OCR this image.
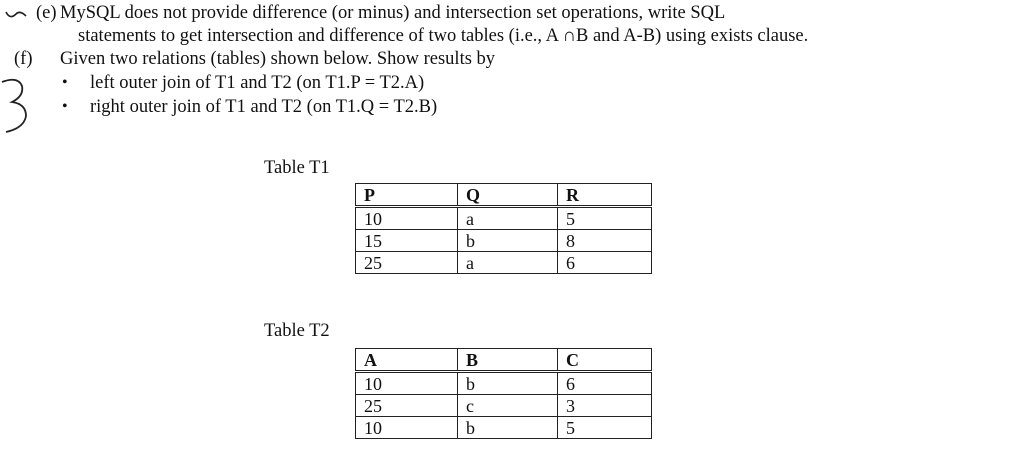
(e) MySQL does not provide difference (or minus) and intersection set operations, write SQL
statements to get intersection and difference of two tables (i.e., A ∩B and A-B) using exists clause.
(f) Given two relations (tables) shown below. Show results by
• left outer join of T1 and T2 (on T1.P = T2.A)
• right outer join of T1 and T2 (on T1.Q = T2.B)
Table T1
P	Q	R
10	a	5
15	b	8
25	a	6
Table T2
A	B	C
10	b	6
25	c	3
10	b	5
